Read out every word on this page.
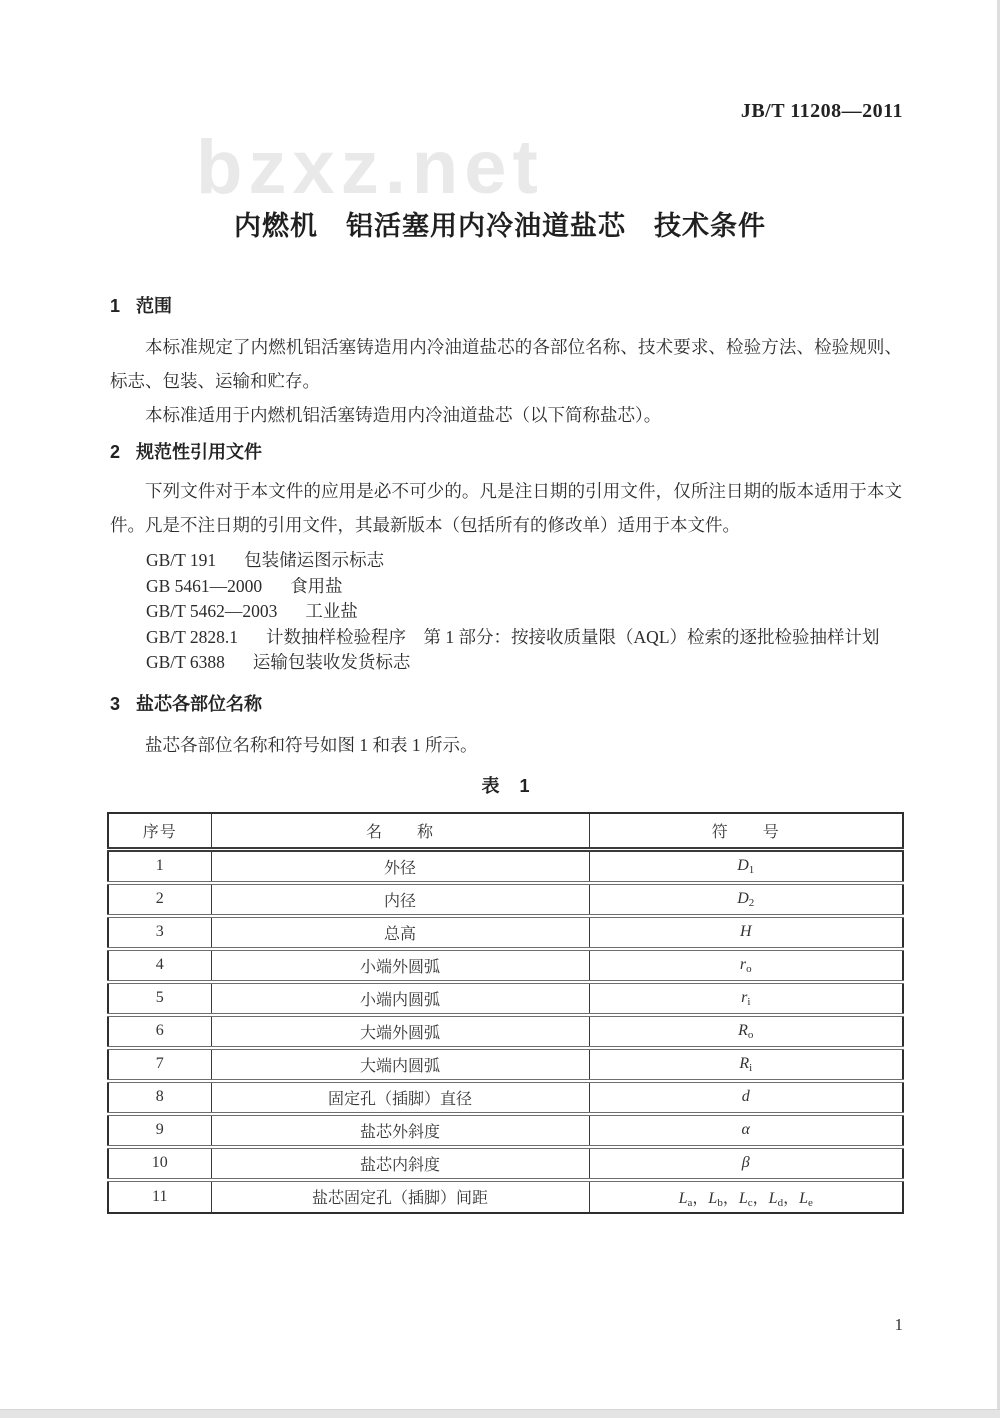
JB/T 11208—2011
bzxz.net
内燃机　铝活塞用内冷油道盐芯　技术条件
1 范围

本标准规定了内燃机铝活塞铸造用内冷油道盐芯的各部位名称、技术要求、检验方法、检验规则、标志、包装、运输和贮存。

本标准适用于内燃机铝活塞铸造用内冷油道盐芯（以下简称盐芯）。

2 规范性引用文件

下列文件对于本文件的应用是必不可少的。凡是注日期的引用文件，仅所注日期的版本适用于本文件。凡是不注日期的引用文件，其最新版本（包括所有的修改单）适用于本文件。

GB/T 191 包装储运图示标志
GB 5461—2000 食用盐
GB/T 5462—2003 工业盐
GB/T 2828.1 计数抽样检验程序　第 1 部分：按接收质量限（AQL）检索的逐批检验抽样计划
GB/T 6388 运输包装收发货标志
3 盐芯各部位名称

盐芯各部位名称和符号如图 1 和表 1 所示。

表　1
序号	名　　称	符　　号
1	外径	$D_1$
2	内径	$D_2$
3	总高	H
4	小端外圆弧	$r_o$
5	小端内圆弧	$r_i$
6	大端外圆弧	$R_o$
7	大端内圆弧	$R_i$
8	固定孔（插脚）直径	d
9	盐芯外斜度	α
10	盐芯内斜度	β
11	盐芯固定孔（插脚）间距	$L_a$，$L_b$，$L_c$，$L_d$，$L_e$
1
